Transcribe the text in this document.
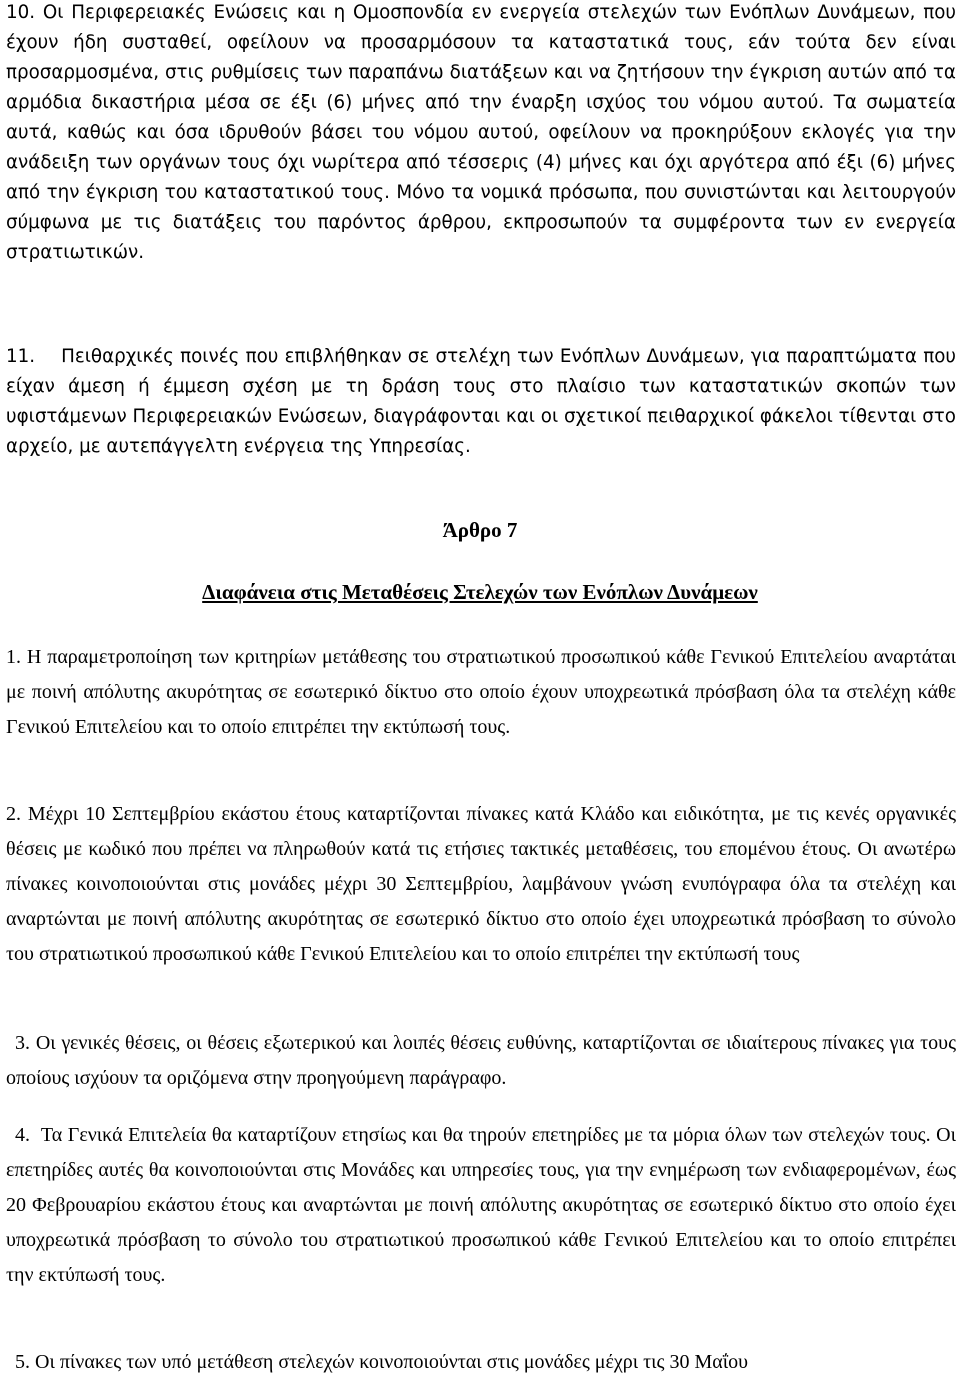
10. Οι Περιφερειακές Ενώσεις και η Ομοσπονδία εν ενεργεία στελεχών των Ενόπλων Δυνάμεων, που έχουν ήδη συσταθεί, οφείλουν να προσαρμόσουν τα καταστατικά τους, εάν τούτα δεν είναι προσαρμοσμένα, στις ρυθμίσεις των παραπάνω διατάξεων και να ζητήσουν την έγκριση αυτών από τα αρμόδια δικαστήρια μέσα σε έξι (6) μήνες από την έναρξη ισχύος του νόμου αυτού. Τα σωματεία αυτά, καθώς και όσα ιδρυθούν βάσει του νόμου αυτού, οφείλουν να προκηρύξουν εκλογές για την ανάδειξη των οργάνων τους όχι νωρίτερα από τέσσερις (4) μήνες και όχι αργότερα από έξι (6) μήνες από την έγκριση του καταστατικού τους. Μόνο τα νομικά πρόσωπα, που συνιστώνται και λειτουργούν σύμφωνα με τις διατάξεις του παρόντος άρθρου, εκπροσωπούν τα συμφέροντα των εν ενεργεία στρατιωτικών.

11. Πειθαρχικές ποινές που επιβλήθηκαν σε στελέχη των Ενόπλων Δυνάμεων, για παραπτώματα που είχαν άμεση ή έμμεση σχέση με τη δράση τους στο πλαίσιο των καταστατικών σκοπών των υφιστάμενων Περιφερειακών Ενώσεων, διαγράφονται και οι σχετικοί πειθαρχικοί φάκελοι τίθενται στο αρχείο, με αυτεπάγγελτη ενέργεια της Υπηρεσίας.

Άρθρο 7
Διαφάνεια στις Μεταθέσεις Στελεχών των Ενόπλων Δυνάμεων

1. Η παραμετροποίηση των κριτηρίων μετάθεσης του στρατιωτικού προσωπικού κάθε Γενικού Επιτελείου αναρτάται με ποινή απόλυτης ακυρότητας σε εσωτερικό δίκτυο στο οποίο έχουν υποχρεωτικά πρόσβαση όλα τα στελέχη κάθε Γενικού Επιτελείου και το οποίο επιτρέπει την εκτύπωσή τους.

2. Μέχρι 10 Σεπτεμβρίου εκάστου έτους καταρτίζονται πίνακες κατά Κλάδο και ειδικότητα, με τις κενές οργανικές θέσεις με κωδικό που πρέπει να πληρωθούν κατά τις ετήσιες τακτικές μεταθέσεις, του επομένου έτους. Οι ανωτέρω πίνακες κοινοποιούνται στις μονάδες μέχρι 30 Σεπτεμβρίου, λαμβάνουν γνώση ενυπόγραφα όλα τα στελέχη και αναρτώνται με ποινή απόλυτης ακυρότητας σε εσωτερικό δίκτυο στο οποίο έχει υποχρεωτικά πρόσβαση το σύνολο του στρατιωτικού προσωπικού κάθε Γενικού Επιτελείου και το οποίο επιτρέπει την εκτύπωσή τους

3. Οι γενικές θέσεις, οι θέσεις εξωτερικού και λοιπές θέσεις ευθύνης, καταρτίζονται σε ιδιαίτερους πίνακες για τους οποίους ισχύουν τα οριζόμενα στην προηγούμενη παράγραφο.

4. Τα Γενικά Επιτελεία θα καταρτίζουν ετησίως και θα τηρούν επετηρίδες με τα μόρια όλων των στελεχών τους. Οι επετηρίδες αυτές θα κοινοποιούνται στις Μονάδες και υπηρεσίες τους, για την ενημέρωση των ενδιαφερομένων, έως 20 Φεβρουαρίου εκάστου έτους και αναρτώνται με ποινή απόλυτης ακυρότητας σε εσωτερικό δίκτυο στο οποίο έχει υποχρεωτικά πρόσβαση το σύνολο του στρατιωτικού προσωπικού κάθε Γενικού Επιτελείου και το οποίο επιτρέπει την εκτύπωσή τους.

5. Οι πίνακες των υπό μετάθεση στελεχών κοινοποιούνται στις μονάδες μέχρι τις 30 Μαΐου
